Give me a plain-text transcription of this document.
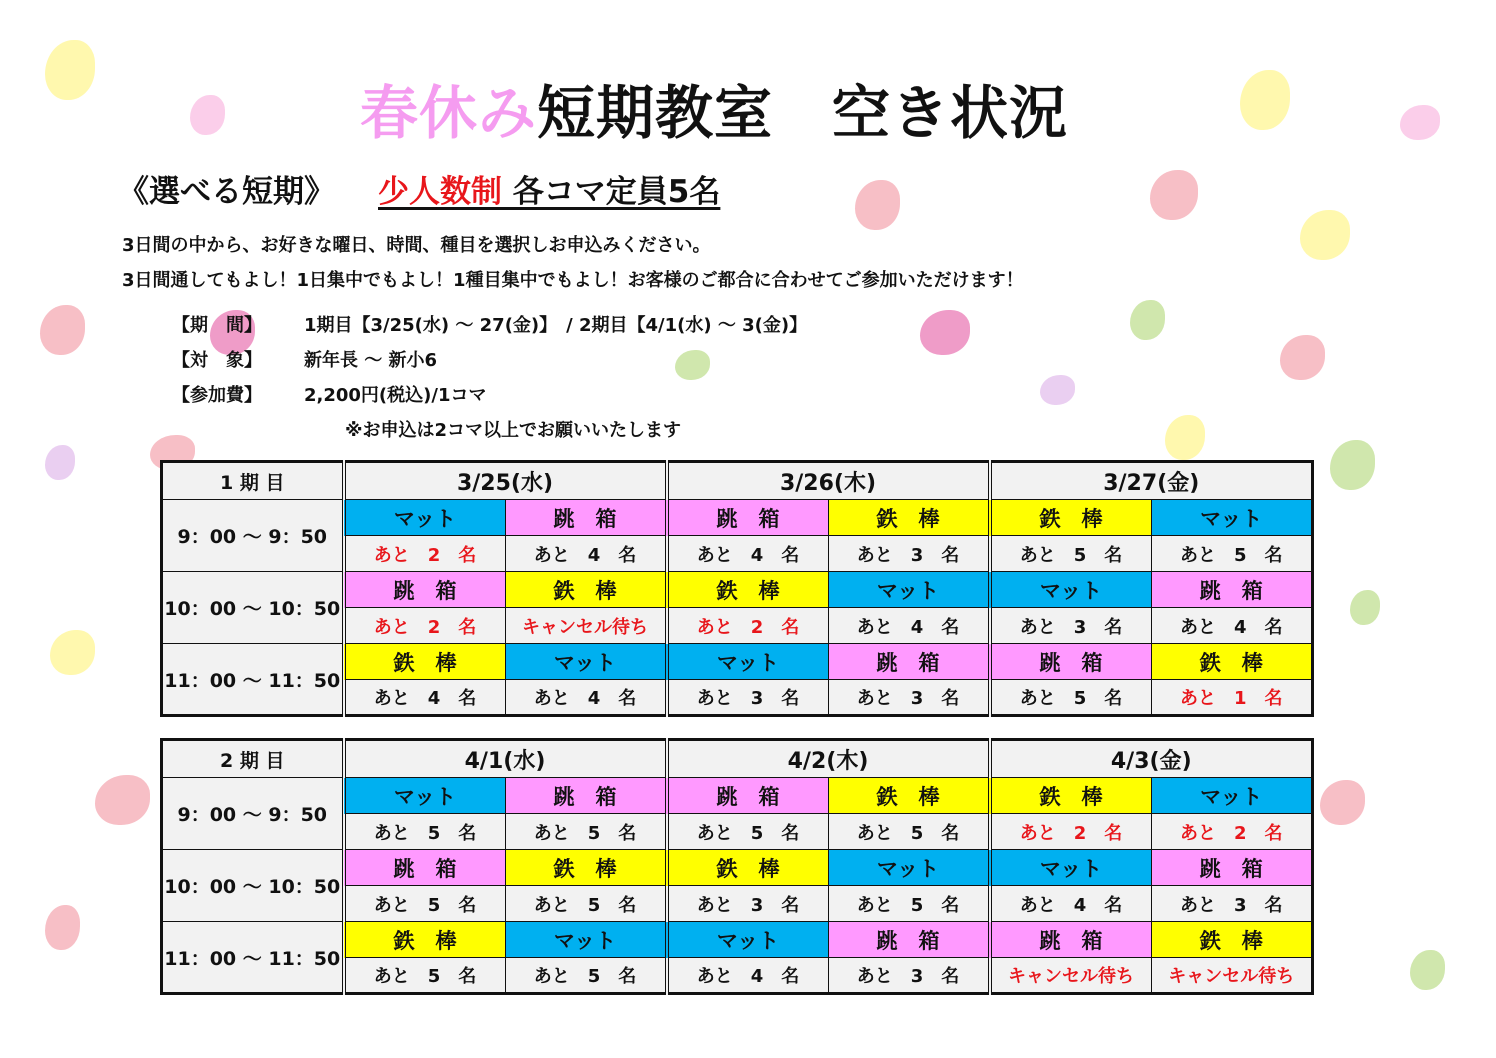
春休み短期教室　空き状況
《選べる短期》 少人数制 各コマ定員5名
3日間の中から、お好きな曜日、時間、種目を選択しお申込みください。
3日間通してもよし！1日集中でもよし！1種目集中でもよし！お客様のご都合に合わせてご参加いただけます！
【期　間】 1期目【3/25(水) ～ 27(金)】　/ 2期目【4/1(水) ～ 3(金)】
【対　象】 新年長 ～ 新小6
【参加費】 2,200円(税込)/1コマ
※お申込は2コマ以上でお願いいたします
1 期 目	3/25(水)		3/26(木)		3/27(金)	
9：00 ～ 9：50	マット	跳　箱	跳　箱	鉄　棒	鉄　棒	マット
	あと　2　名	あと　4　名	あと　4　名	あと　3　名	あと　5　名	あと　5　名
10：00 ～ 10：50	跳　箱	鉄　棒	鉄　棒	マット	マット	跳　箱
	あと　2　名	キャンセル待ち	あと　2　名	あと　4　名	あと　3　名	あと　4　名
11：00 ～ 11：50	鉄　棒	マット	マット	跳　箱	跳　箱	鉄　棒
	あと　4　名	あと　4　名	あと　3　名	あと　3　名	あと　5　名	あと　1　名
2 期 目	4/1(水)		4/2(木)		4/3(金)	
9：00 ～ 9：50	マット	跳　箱	跳　箱	鉄　棒	鉄　棒	マット
	あと　5　名	あと　5　名	あと　5　名	あと　5　名	あと　2　名	あと　2　名
10：00 ～ 10：50	跳　箱	鉄　棒	鉄　棒	マット	マット	跳　箱
	あと　5　名	あと　5　名	あと　3　名	あと　5　名	あと　4　名	あと　3　名
11：00 ～ 11：50	鉄　棒	マット	マット	跳　箱	跳　箱	鉄　棒
	あと　5　名	あと　5　名	あと　4　名	あと　3　名	キャンセル待ち	キャンセル待ち
